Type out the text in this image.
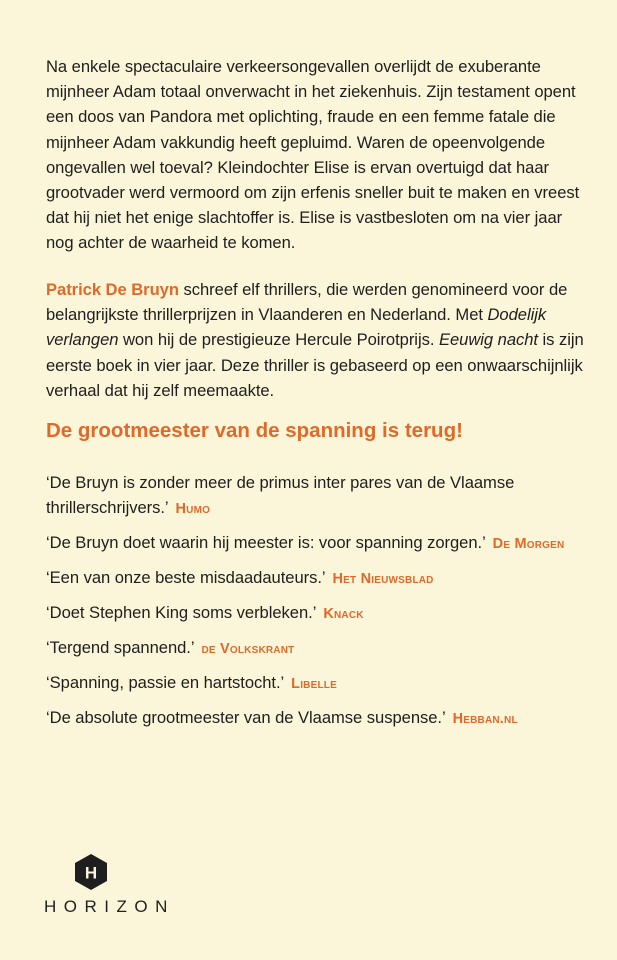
Na enkele spectaculaire verkeersongevallen overlijdt de exuberante mijnheer Adam totaal onverwacht in het ziekenhuis. Zijn testament opent een doos van Pandora met oplichting, fraude en een femme fatale die mijnheer Adam vakkundig heeft gepluimd. Waren de opeenvolgende ongevallen wel toeval? Kleindochter Elise is ervan overtuigd dat haar grootvader werd vermoord om zijn erfenis sneller buit te maken en vreest dat hij niet het enige slachtoffer is. Elise is vastbesloten om na vier jaar nog achter de waarheid te komen.

Patrick De Bruyn schreef elf thrillers, die werden genomineerd voor de belangrijkste thrillerprijzen in Vlaanderen en Nederland. Met Dodelijk verlangen won hij de prestigieuze Hercule Poirotprijs. Eeuwig nacht is zijn eerste boek in vier jaar. Deze thriller is gebaseerd op een onwaarschijnlijk verhaal dat hij zelf meemaakte.

De grootmeester van de spanning is terug!

‘De Bruyn is zonder meer de primus inter pares van de Vlaamse thrillerschrijvers.’ Humo

‘De Bruyn doet waarin hij meester is: voor spanning zorgen.’ De Morgen

‘Een van onze beste misdaadauteurs.’ Het Nieuwsblad

‘Doet Stephen King soms verbleken.’ Knack

‘Tergend spannend.’ de Volkskrant

‘Spanning, passie en hartstocht.’ Libelle

‘De absolute grootmeester van de Vlaamse suspense.’ Hebban.nl

H
HORIZON
